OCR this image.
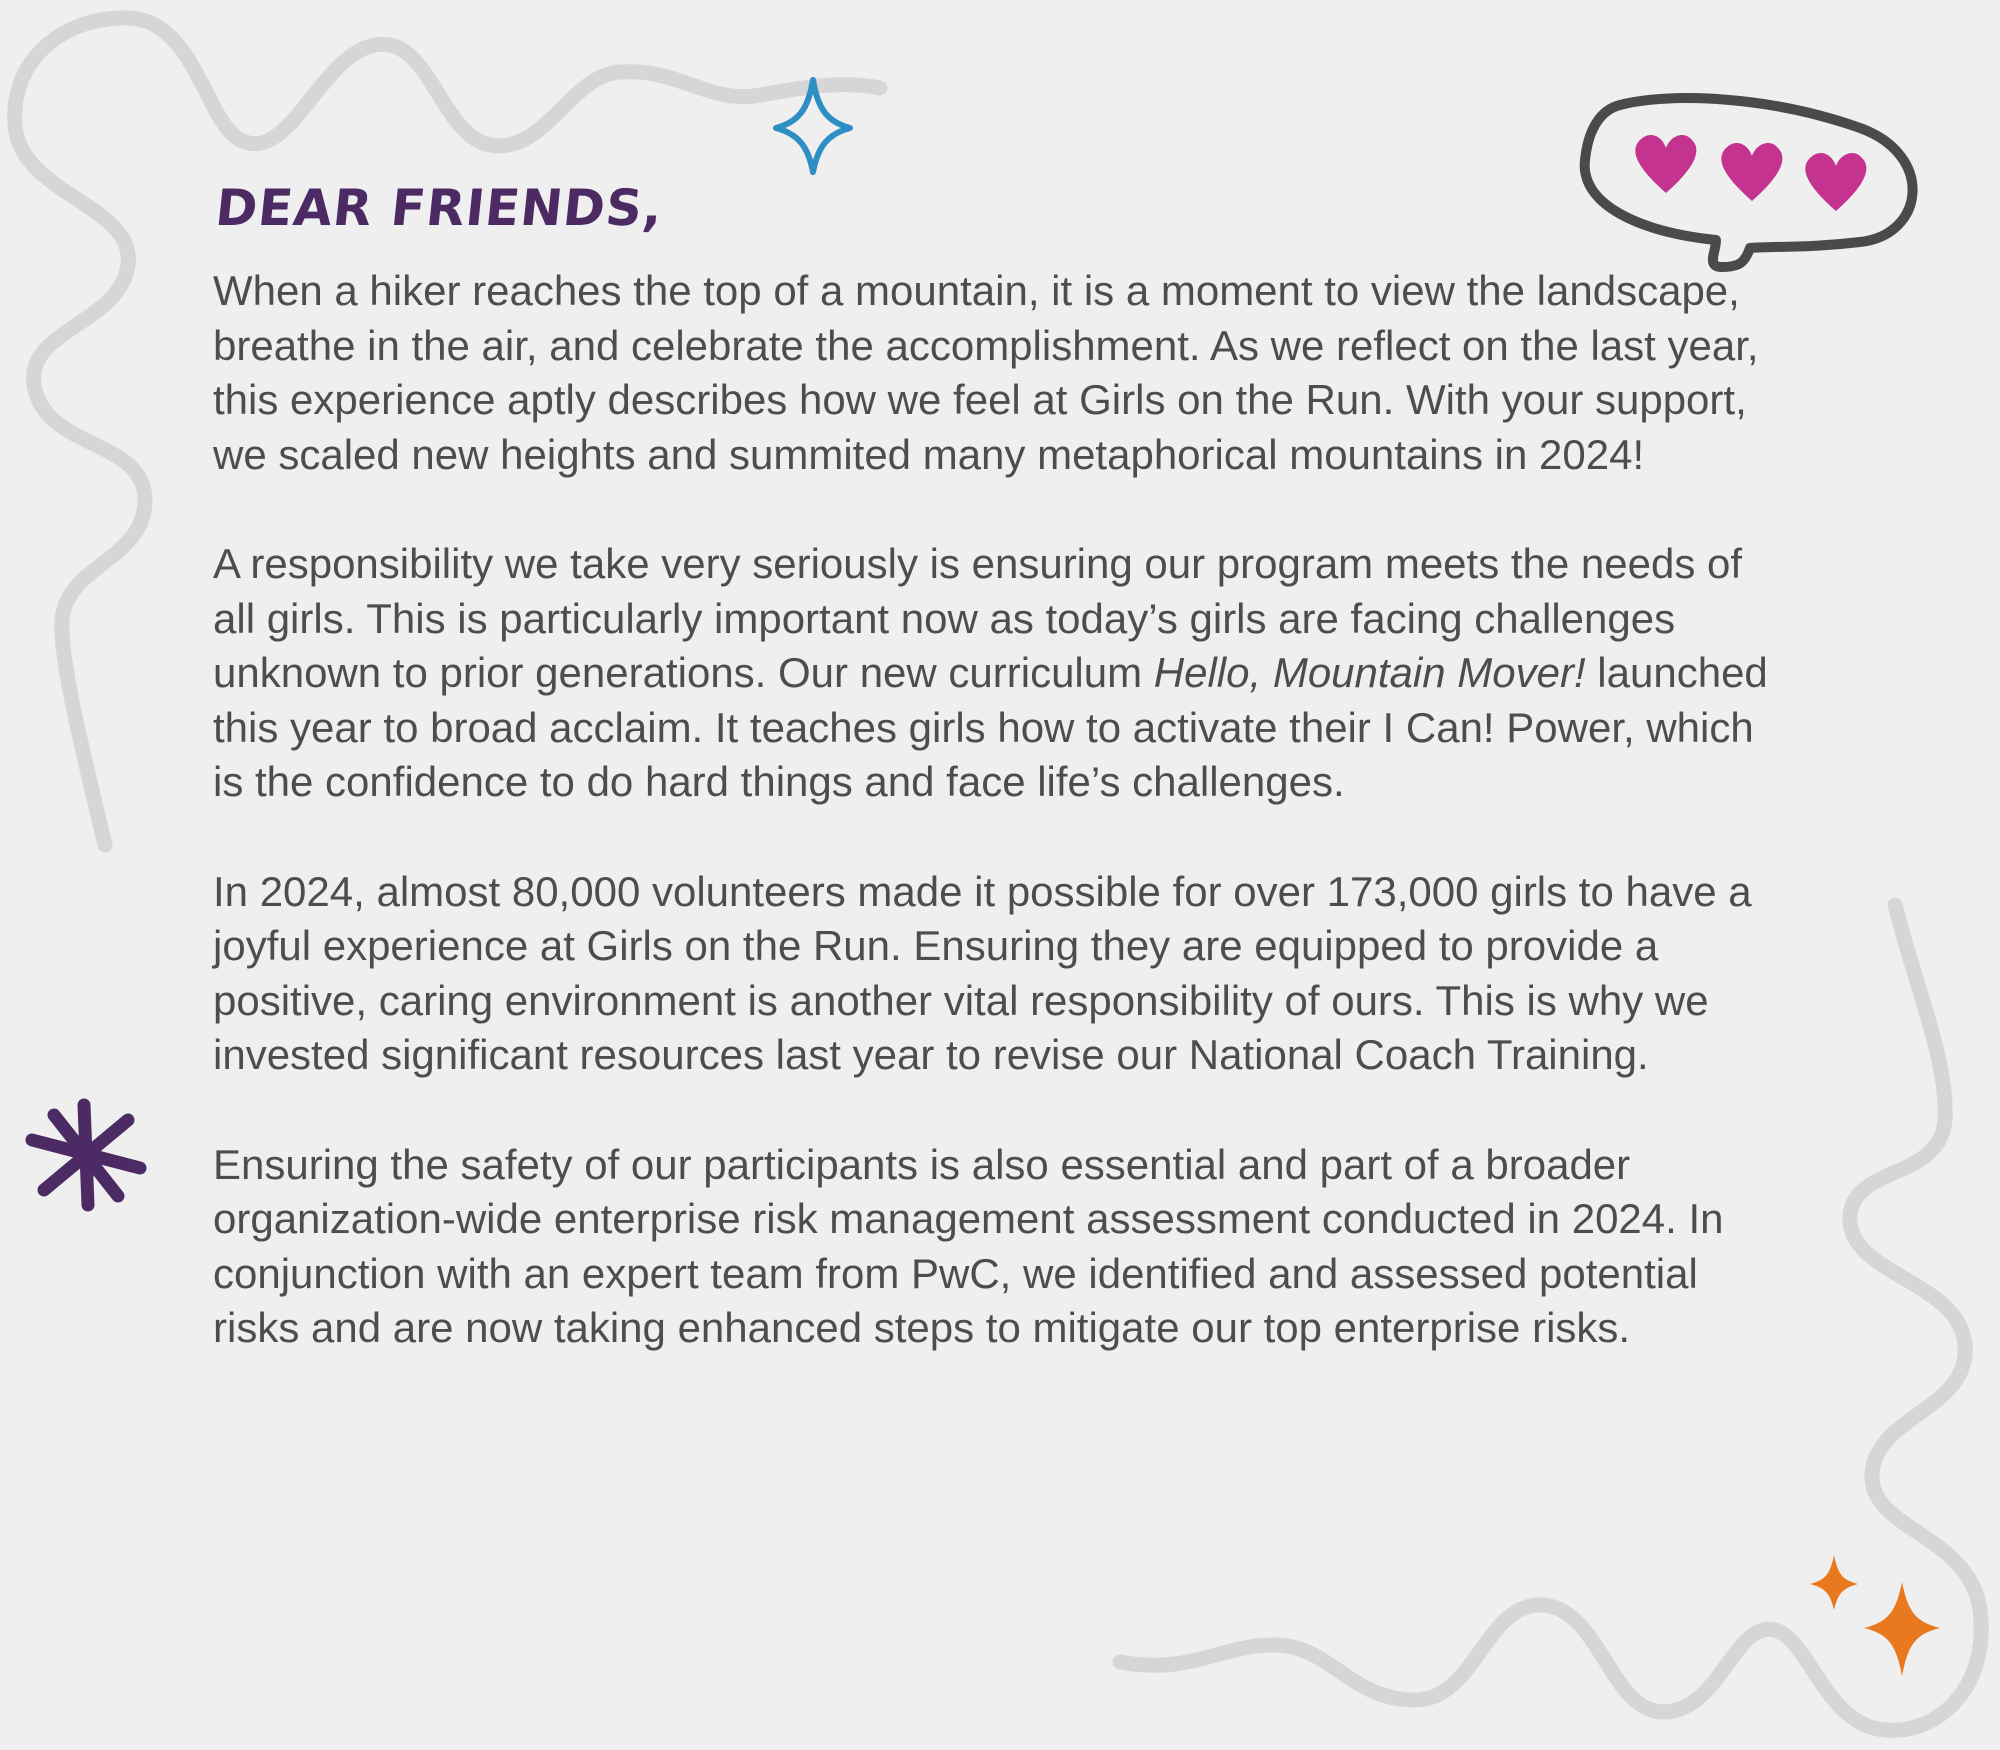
DEAR FRIENDS,

When a hiker reaches the top of a mountain, it is a moment to view the landscape, breathe in the air, and celebrate the accomplishment. As we reflect on the last year, this experience aptly describes how we feel at Girls on the Run. With your support, we scaled new heights and summited many metaphorical mountains in 2024!

A responsibility we take very seriously is ensuring our program meets the needs of all girls. This is particularly important now as today’s girls are facing challenges unknown to prior generations. Our new curriculum Hello, Mountain Mover! launched this year to broad acclaim. It teaches girls how to activate their I Can! Power, which is the confidence to do hard things and face life’s challenges.

In 2024, almost 80,000 volunteers made it possible for over 173,000 girls to have a joyful experience at Girls on the Run. Ensuring they are equipped to provide a positive, caring environment is another vital responsibility of ours. This is why we invested significant resources last year to revise our National Coach Training.

Ensuring the safety of our participants is also essential and part of a broader organization-wide enterprise risk management assessment conducted in 2024. In conjunction with an expert team from PwC, we identified and assessed potential risks and are now taking enhanced steps to mitigate our top enterprise risks.
